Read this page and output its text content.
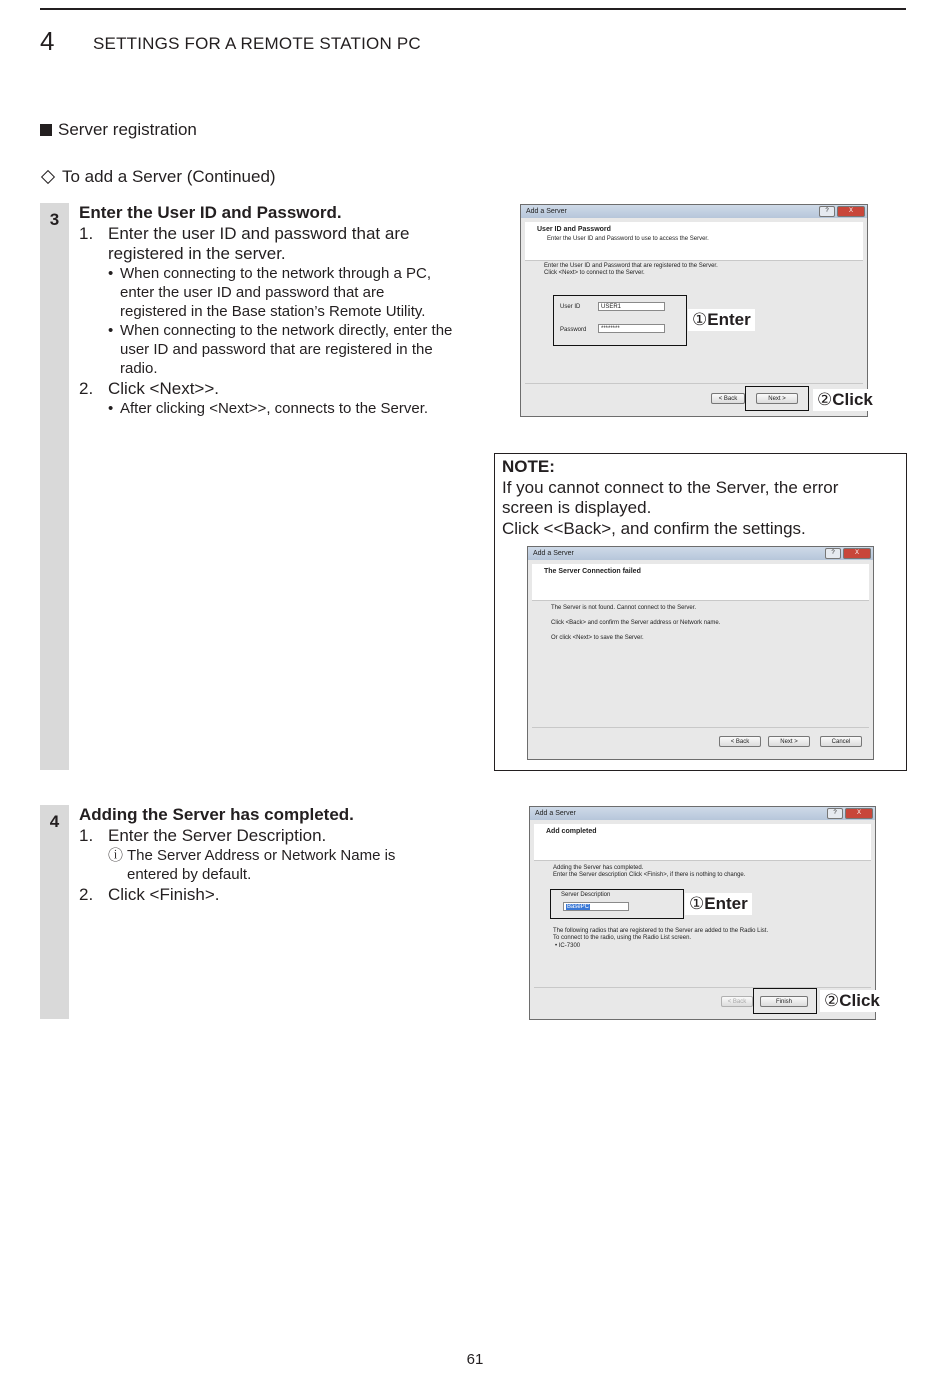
4 SETTINGS FOR A REMOTE STATION PC
Server registration
To add a Server (Continued)
3	Enter the User ID and Password.
1. Enter the user ID and password that are registered in the server.
• When connecting to the network through a PC, enter the user ID and password that are registered in the Base station’s Remote Utility.
• When connecting to the network directly, enter the user ID and password that are registered in the radio.
2. Click <Next>>.
• After clicking <Next>>, connects to the Server.
Add a Server	?	X
User ID and Password
Enter the User ID and Password to use to access the Server.
Enter the User ID and Password that are registered to the Server.
Click <Next> to connect to the Server.
User ID	USER1
Password	********
< Back	Next >
①Enter
②Click
NOTE:
If you cannot connect to the Server, the error
screen is displayed.
Click <<Back>, and confirm the settings.
Add a Server	?	X
The Server Connection failed
The Server is not found. Cannot connect to the Server.
Click <Back> and confirm the Server address or Network name.
Or click <Next> to save the Server.
< Back	Next >	Cancel
4	Adding the Server has completed.
1. Enter the Server Description.
ⓘ The Server Address or Network Name is entered by default.
2. Click <Finish>.
Add a Server	?	X
Add completed
Adding the Server has completed.
Enter the Server description Click <Finish>, if there is nothing to change.
Server Description
BasePC
The following radios that are registered to the Server are added to the Radio List.
To connect to the radio, using the Radio List screen.
• IC-7300
< Back	Finish
①Enter
②Click
61
